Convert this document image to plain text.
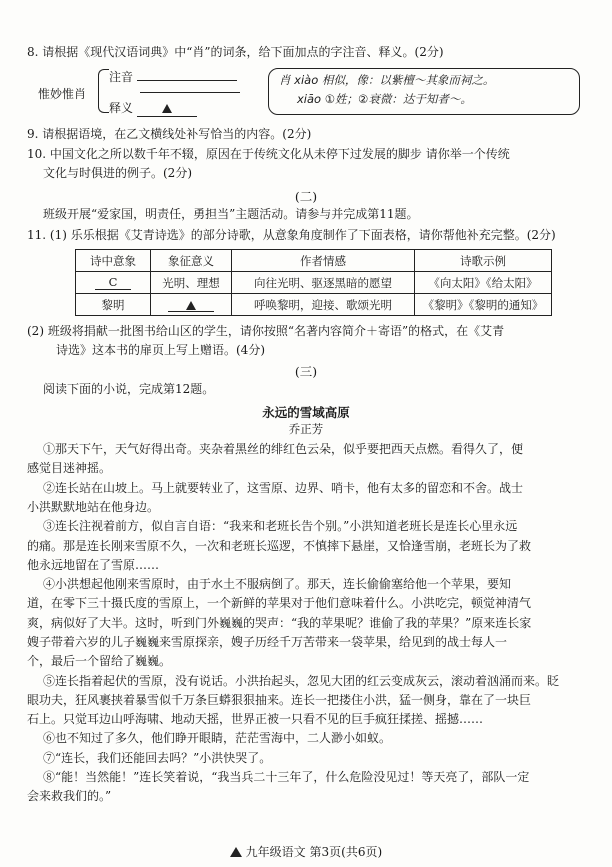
8. 请根据《现代汉语词典》中“肖”的词条，给下面加点的字注音、释义。(2分)
惟妙惟肖
注音
释义
肖 xiào 相似，像：以紫檀～其象而祠之。
xiāo ①姓；②衰微：达于知者～。
9. 请根据语境，在乙文横线处补写恰当的内容。(2分)
10. 中国文化之所以数千年不辍，原因在于传统文化从未停下过发展的脚步 请你举一个传统
文化与时俱进的例子。(2分)
(二)
班级开展“爱家国，明责任，勇担当”主题活动。请参与并完成第11题。
11. (1) 乐乐根据《艾青诗选》的部分诗歌，从意象角度制作了下面表格，请你帮他补充完整。(2分)
诗中意象	象征意义	作者情感	诗歌示例
C	光明、理想	向往光明、驱逐黑暗的愿望	《向太阳》《给太阳》
黎明		呼唤黎明，迎接、歌颂光明	《黎明》《黎明的通知》
(2) 班级将捐献一批图书给山区的学生，请你按照“名著内容简介＋寄语”的格式，在《艾青
诗选》这本书的扉页上写上赠语。(4分)
(三)
阅读下面的小说，完成第12题。
永远的雪域高原
乔正芳
①那天下午，天气好得出奇。夹杂着黑丝的绯红色云朵，似乎要把西天点燃。看得久了，便
感觉目迷神摇。
②连长站在山坡上。马上就要转业了，这雪原、边界、哨卡，他有太多的留恋和不舍。战士
小洪默默地站在他身边。
③连长注视着前方，似自言自语：“我来和老班长告个别。”小洪知道老班长是连长心里永远
的痛。那是连长刚来雪原不久，一次和老班长巡逻，不慎摔下悬崖，又恰逢雪崩，老班长为了救
他永远地留在了雪原……
④小洪想起他刚来雪原时，由于水土不服病倒了。那天，连长偷偷塞给他一个苹果，要知
道，在零下三十摄氏度的雪原上，一个新鲜的苹果对于他们意味着什么。小洪吃完，顿觉神清气
爽，病似好了大半。这时，听到门外巍巍的哭声：“我的苹果呢？谁偷了我的苹果？”原来连长家
嫂子带着六岁的儿子巍巍来雪原探亲，嫂子历经千万苦带来一袋苹果，给见到的战士每人一
个，最后一个留给了巍巍。
⑤连长指着起伏的雪原，没有说话。小洪抬起头，忽见大团的红云变成灰云，滚动着汹涌而来。眨
眼功夫，狂风裹挟着暴雪似千万条巨蟒狠狠抽来。连长一把搂住小洪，猛一侧身，靠在了一块巨
石上。只觉耳边山呼海啸、地动天摇，世界正被一只看不见的巨手疯狂揉搓、摇撼……
⑥也不知过了多久，他们睁开眼睛，茫茫雪海中，二人渺小如蚁。
⑦“连长，我们还能回去吗？”小洪快哭了。
⑧“能！当然能！”连长笑着说，“我当兵二十三年了，什么危险没见过！等天亮了，部队一定
会来救我们的。”
九年级语文 第3页(共6页)
